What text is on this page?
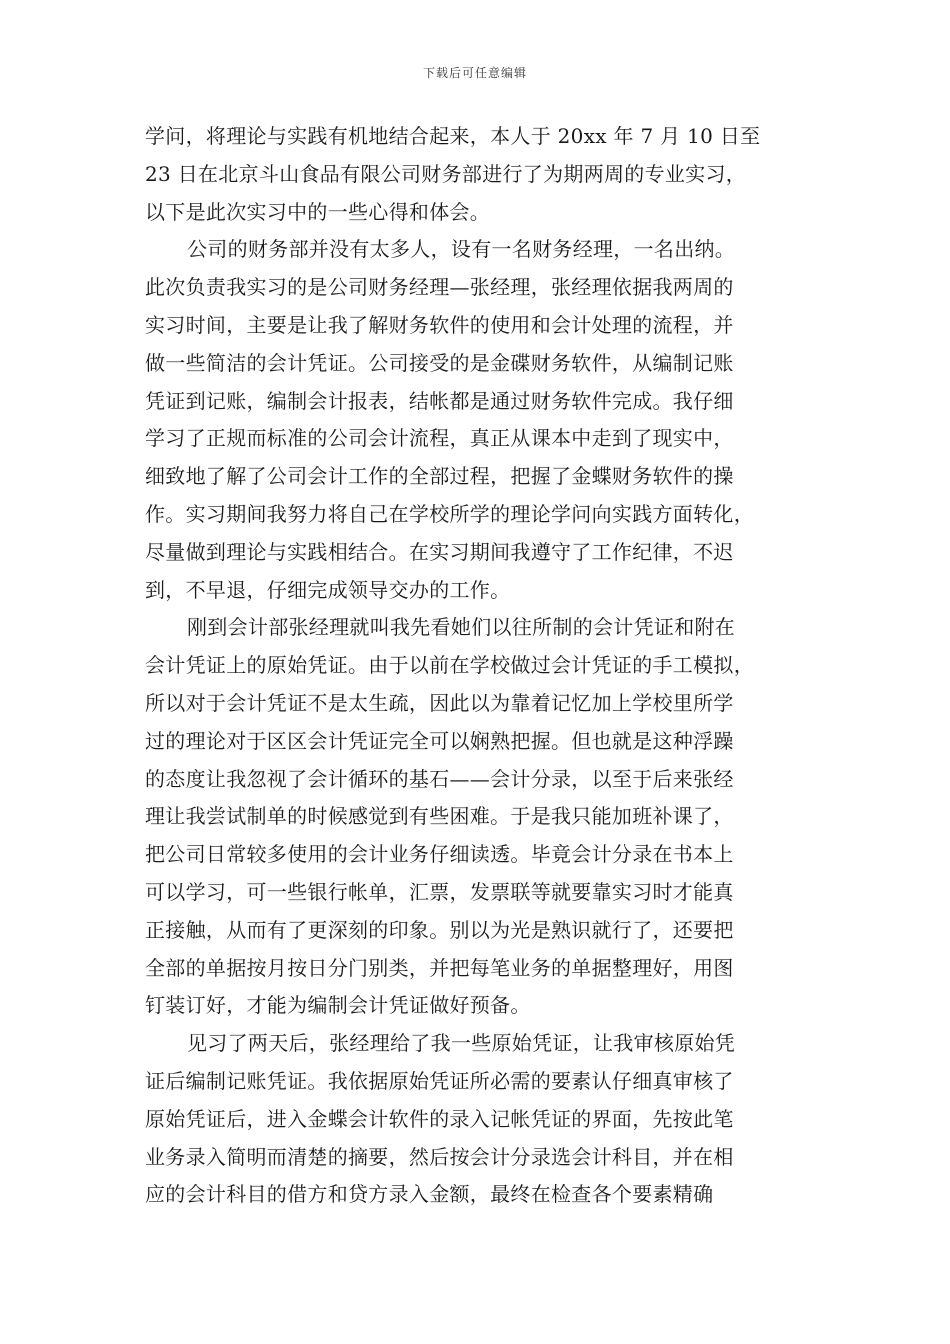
下载后可任意编辑
学问，将理论与实践有机地结合起来，本人于 20xx 年 7 月 10 日至
23 日在北京斗山食品有限公司财务部进行了为期两周的专业实习，
以下是此次实习中的一些心得和体会。
公司的财务部并没有太多人，设有一名财务经理，一名出纳。
此次负责我实习的是公司财务经理—张经理，张经理依据我两周的
实习时间，主要是让我了解财务软件的使用和会计处理的流程，并
做一些简洁的会计凭证。公司接受的是金碟财务软件，从编制记账
凭证到记账，编制会计报表，结帐都是通过财务软件完成。我仔细
学习了正规而标准的公司会计流程，真正从课本中走到了现实中，
细致地了解了公司会计工作的全部过程，把握了金蝶财务软件的操
作。实习期间我努力将自己在学校所学的理论学问向实践方面转化，
尽量做到理论与实践相结合。在实习期间我遵守了工作纪律，不迟
到，不早退，仔细完成领导交办的工作。
刚到会计部张经理就叫我先看她们以往所制的会计凭证和附在
会计凭证上的原始凭证。由于以前在学校做过会计凭证的手工模拟，
所以对于会计凭证不是太生疏，因此以为靠着记忆加上学校里所学
过的理论对于区区会计凭证完全可以娴熟把握。但也就是这种浮躁
的态度让我忽视了会计循环的基石——会计分录，以至于后来张经
理让我尝试制单的时候感觉到有些困难。于是我只能加班补课了，
把公司日常较多使用的会计业务仔细读透。毕竟会计分录在书本上
可以学习，可一些银行帐单，汇票，发票联等就要靠实习时才能真
正接触，从而有了更深刻的印象。别以为光是熟识就行了，还要把
全部的单据按月按日分门别类，并把每笔业务的单据整理好，用图
钉装订好，才能为编制会计凭证做好预备。
见习了两天后，张经理给了我一些原始凭证，让我审核原始凭
证后编制记账凭证。我依据原始凭证所必需的要素认仔细真审核了
原始凭证后，进入金蝶会计软件的录入记帐凭证的界面，先按此笔
业务录入简明而清楚的摘要，然后按会计分录选会计科目，并在相
应的会计科目的借方和贷方录入金额，最终在检查各个要素精确
